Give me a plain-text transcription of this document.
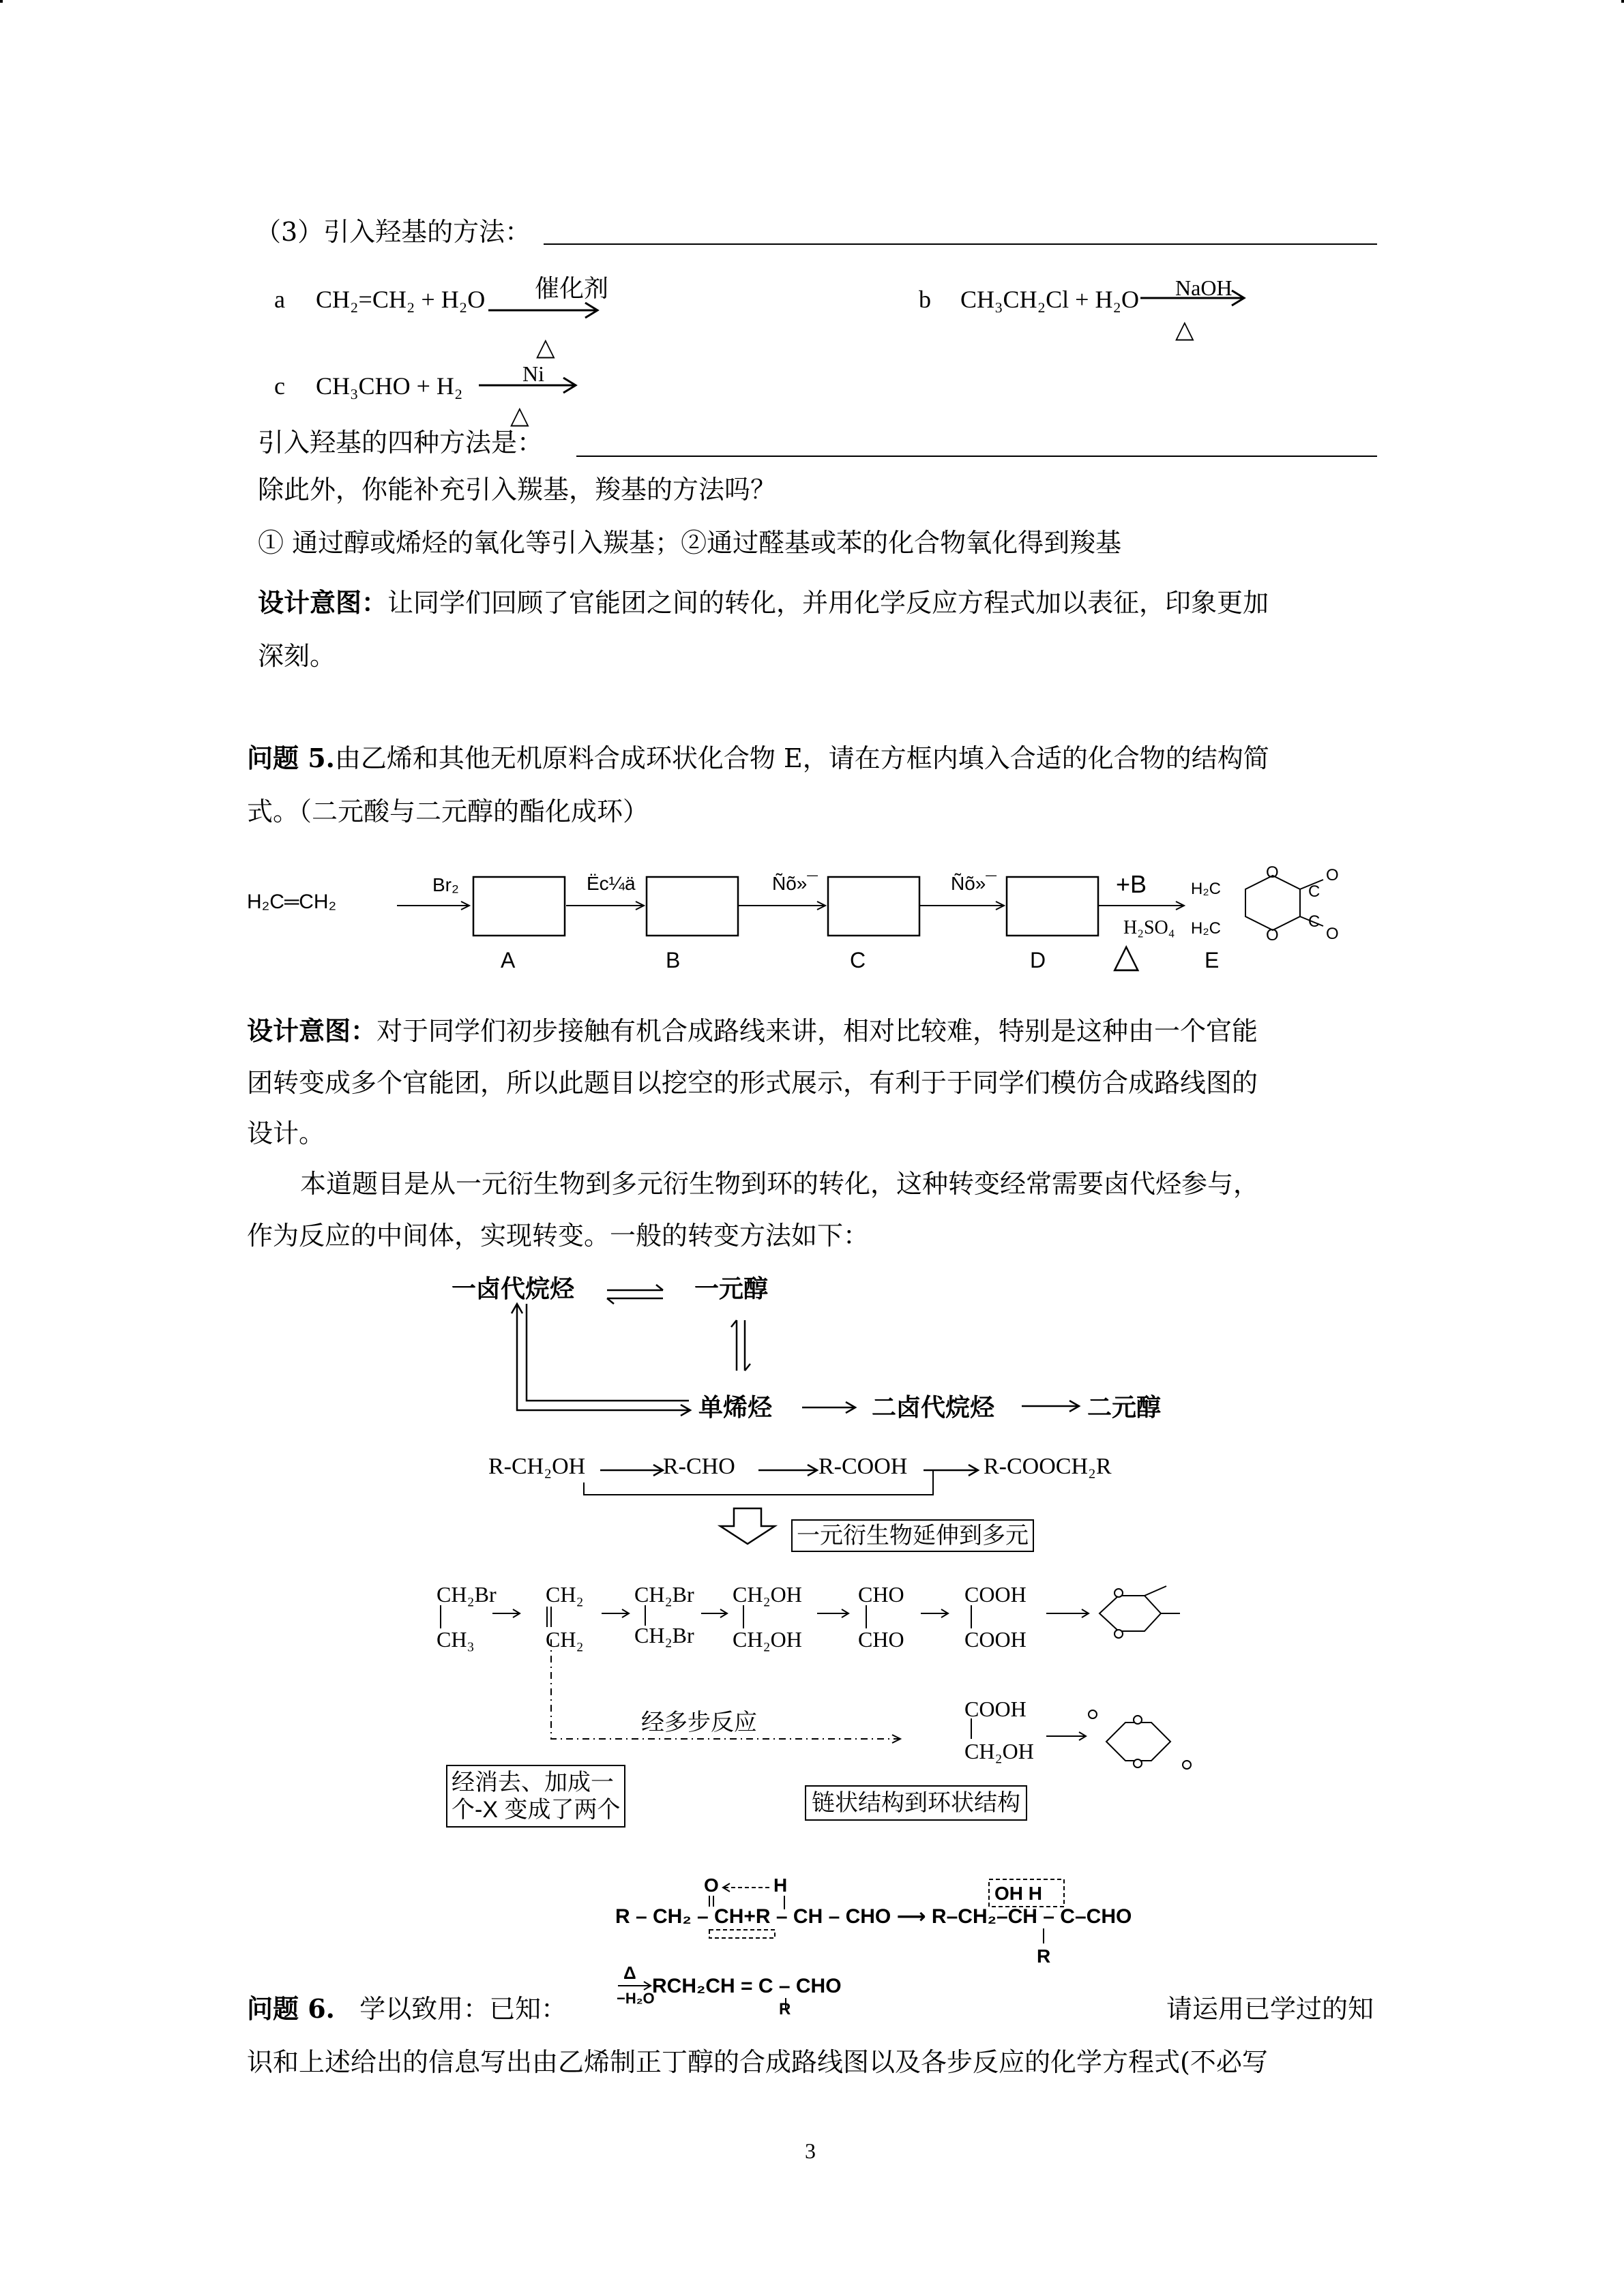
（3）引入羟基的方法：
a CH₂=CH₂ + H₂O 催化剂
△
b CH₃CH₂Cl + H₂O NaOH
△
c CH₃CHO + H₂	Ni
△
引入羟基的四种方法是：
除此外，你能补充引入羰基，羧基的方法吗？
① 通过醇或烯烃的氧化等引入羰基；②通过醛基或苯的化合物氧化得到羧基
设计意图：让同学们回顾了官能团之间的转化，并用化学反应方程式加以表征，印象更加
深刻。
问题 5.由乙烯和其他无机原料合成环状化合物 E，请在方框内填入合适的化合物的结构简
式。（二元酸与二元醇的酯化成环）
H₂C═CH₂
Br₂	Ëc¼ä	Ñõ»¯	Ñõ»¯	+B
H₂SO₄
△
H₂C
H₂C
O
O
C
C
O
O
A	B	C	D	E
设计意图：对于同学们初步接触有机合成路线来讲，相对比较难，特别是这种由一个官能
团转变成多个官能团，所以此题目以挖空的形式展示，有利于于同学们模仿合成路线图的
设计。
本道题目是从一元衍生物到多元衍生物到环的转化，这种转变经常需要卤代烃参与，
作为反应的中间体，实现转变。一般的转变方法如下：
一卤代烷烃	一元醇
单烯烃	二卤代烷烃	二元醇
R-CH₂OH	R-CHO	R-COOH	R-COOCH₂R
一元衍生物延伸到多元
CH₂Br
CH₃
CH₂
CH₂
CH₂Br
CH₂Br
CH₂OH
CH₂OH
CHO
CHO
COOH
COOH
经多步反应
COOH
CH₂OH
经消去、加成一
个-X 变成了两个	链状结构到环状结构
R – CH₂ – CH+R – CH – CHO ⟶ R–CH₂–CH – C–CHO
O	H	OH H
R
Δ
−H₂O
RCH₂CH = C – CHO
R
问题 6. 学以致用：已知：	请运用已学过的知
识和上述给出的信息写出由乙烯制正丁醇的合成路线图以及各步反应的化学方程式(不必写
3
